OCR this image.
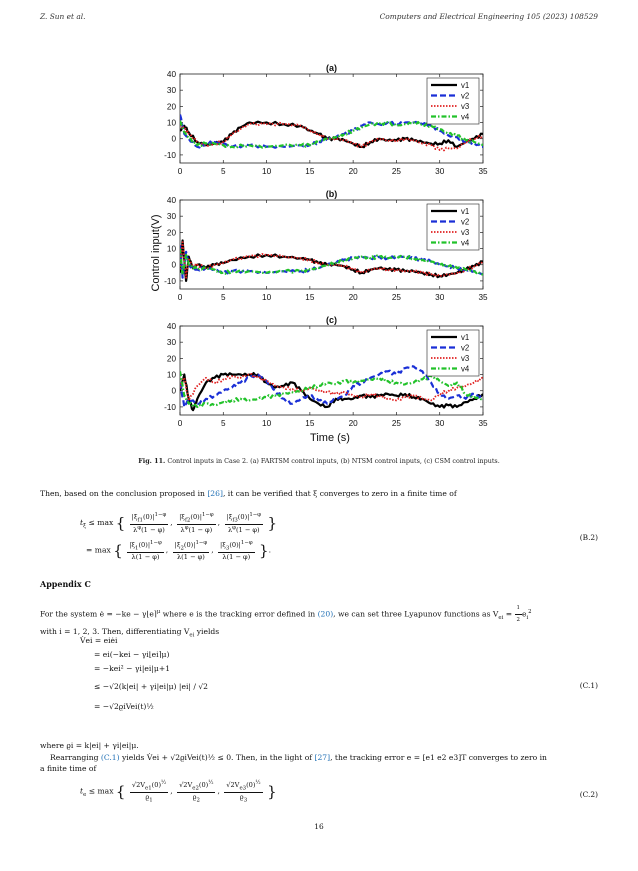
Z. Sun et al.	Computers and Electrical Engineering 105 (2023) 108529
Control input(V)
Time (s)
(a)
0	5	10	15	20	25	30	35
-10
0
10
20
30
40
v1
v2
v3
v4
(b)
0	5	10	15	20	25	30	35
-10
0
10
20
30
40
v1
v2
v3
v4
(c)
0	5	10	15	20	25	30	35
-10
0
10
20
30
40
v1
v2
v3
v4
Fig. 11. Control inputs in Case 2. (a) FARTSM control inputs, (b) NTSM control inputs, (c) CSM control inputs.
Then, based on the conclusion proposed in [26], it can be verified that ξ converges to zero in a finite time of
$t_\xi \le \max$ { $\frac{|\xi_{f1}(0)|^{1-\varphi}}{\lambda^\varphi(1 - \varphi)}$ , $\frac{|\xi_{f2}(0)|^{1-\varphi}}{\lambda^\varphi(1 - \varphi)}$ , $\frac{|\xi_{f3}(0)|^{1-\varphi}}{\lambda^\varphi(1 - \varphi)}$ }
= max { $\frac{|\xi_1(0)|^{1-\varphi}}{\lambda(1 - \varphi)}$ , $\frac{|\xi_2(0)|^{1-\varphi}}{\lambda(1 - \varphi)}$ , $\frac{|\xi_3(0)|^{1-\varphi}}{\lambda(1 - \varphi)}$ }.
(B.2)
Appendix C
For the system ė = −ke − γ⌊e⌉$^\mu$ where e is the tracking error defined in (20), we can set three Lyapunov functions as $V_{ei} = \frac{1}{2} e_i^2$
with i = 1, 2, 3. Then, differentiating $V_{ei}$ yields
V̇ei = eiėi
= ei(−kei − γi⌊ei⌉μ)
= −kei² − γi|ei|μ+1
≤ −√2(k|ei| + γi|ei|μ) |ei| / √2
= −√2ϱiVei(t)½
(C.1)
where ϱi = k|ei| + γi|ei|μ.
Rearranging (C.1) yields V̇ei + √2ϱiVei(t)½ ≤ 0. Then, in the light of [27], the tracking error e = [e1 e2 e3]T converges to zero in
a finite time of
$t_e \le \max$ { $\frac{√2V_{e1}(0)^{\frac{1}{2}}}{ϱ_1}$ , $\frac{√2V_{e2}(0)^{\frac{1}{2}}}{ϱ_2}$ , $\frac{√2V_{e3}(0)^{\frac{1}{2}}}{ϱ_3}$ }	(C.2)
16
